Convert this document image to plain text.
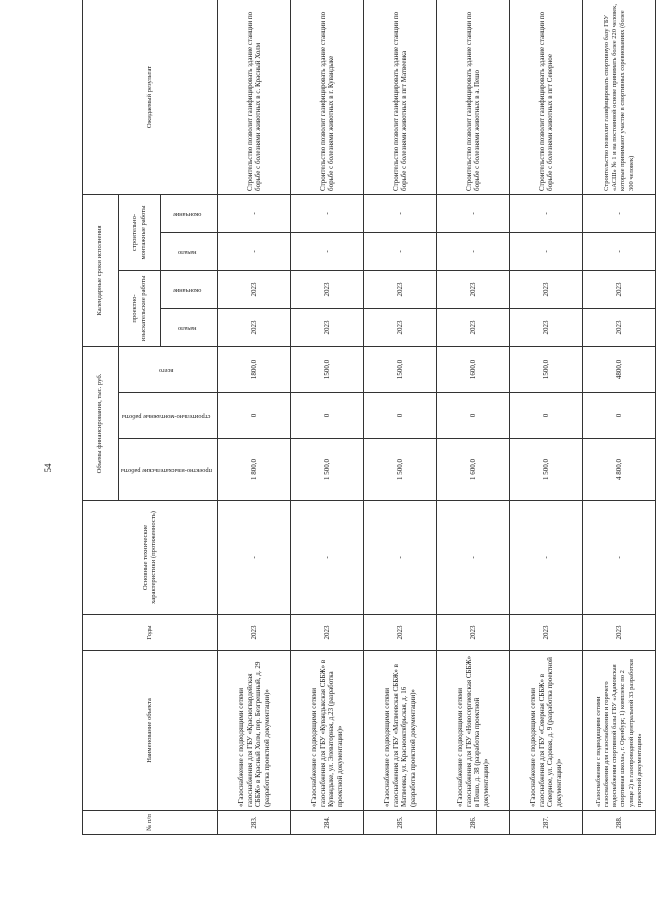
54
№ п/п	Наименование объекта	Годы	Основные технические характеристики (протяженность)	Объемы финансирования, тыс. руб.			Календарные сроки исполнения				Ожидаемый результат
				проектно-изыскательские работы	строительно-монтажные работы	всего	проектно-изыскательские работы		строительно-монтажные работы		
							начало	окончание	начало	окончание	
283.	«Газоснабжение с подводящими сетями газоснабжения для ГБУ «Красногвардейская СББЖ» в Красный Холм, пер. Безгрешный, д. 29 (разработка проектной документации)»	2023	-	1 800,0	0	1800,0	2023	2023	-	-	Строительство позволит газифицировать здание станции по борьбе с болезнями животных в с. Красный Холм
284.	«Газоснабжение с подводящими сетями газоснабжения для ГБУ «Кувандыкская СББЖ» в Кувандыке, ул. Элеваторная, д.23 (разработка проектной документации)»	2023	-	1 500,0	0	1500,0	2023	2023	-	-	Строительство позволит газифицировать здание станции по борьбе с болезнями животных в г. Кувандыке
285.	«Газоснабжение с подводящими сетями газоснабжения для ГБУ «Матвеевская СББЖ» в Матвеевка, ул. Краснооктябрьская, д. 16 (разработка проектной документации)»	2023	-	1 500,0	0	1500,0	2023	2023	-	-	Строительство позволит газифицировать здание станции по борьбе с болезнями животных в пгт Матвеевка
286.	«Газоснабжение с подводящими сетями газоснабжения для ГБУ «Новосергиевская СББЖ» в Пешо, д. 38 (разработка проектной документации)»	2023	-	1 600,0	0	1600,0	2023	2023	-	-	Строительство позволит газифицировать здание станции по борьбе с болезнями животных в а. Пешо
287.	«Газоснабжение с подводящими сетями газоснабжения для ГБУ «Северная СББЖ» в Северное, ул. Садовая, д. 9 (разработка проектной документации)»	2023	-	1 500,0	0	1500,0	2023	2023	-	-	Строительство позволит газифицировать здание станции по борьбе с болезнями животных в пгт Северное
288.	«Газоснабжение с подводящими сетями газоснабжения для газоснабжения и горячего водоснабжения спортивной базы ГБУ «Адамовская спортивная школа», г. Оренбург, 1) комплекс по 2 улице 2) в газопроводной центральной 33 разработки проектной документации»	2023	-	4 800,0	0	4800,0	2023	2023	-	-	Строительство позволит газифицировать спортивную базу ГБУ «АСШ» № 1 и на постоянной основе принимать более 220 человек, которые принимают участие в спортивных соревнованиях (более 300 человек)
